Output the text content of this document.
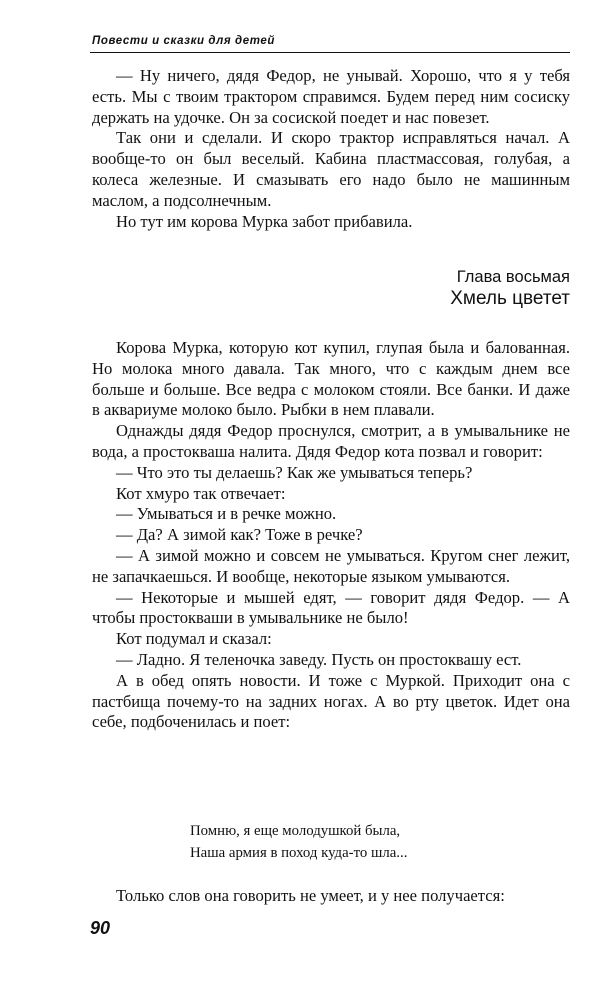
Повести и сказки для детей

— Ну ничего, дядя Федор, не унывай. Хорошо, что я у тебя есть. Мы с твоим трактором справимся. Будем перед ним сосиску держать на удочке. Он за сосиской поедет и нас повезет.

Так они и сделали. И скоро трактор исправляться начал. А вообще-то он был веселый. Кабина пластмассовая, голубая, а колеса железные. И смазывать его надо было не машинным маслом, а подсолнечным.

Но тут им корова Мурка забот прибавила.

Глава восьмая
Хмель цветет

Корова Мурка, которую кот купил, глупая была и балованная. Но молока много давала. Так много, что с каждым днем все больше и больше. Все ведра с молоком стояли. Все банки. И даже в аквариуме молоко было. Рыбки в нем плавали.

Однажды дядя Федор проснулся, смотрит, а в умывальнике не вода, а простокваша налита. Дядя Федор кота позвал и говорит:

— Что это ты делаешь? Как же умываться теперь?

Кот хмуро так отвечает:

— Умываться и в речке можно.

— Да? А зимой как? Тоже в речке?

— А зимой можно и совсем не умываться. Кругом снег лежит, не запачкаешься. И вообще, некоторые языком умываются.

— Некоторые и мышей едят, — говорит дядя Федор. — А чтобы простокваши в умывальнике не было!

Кот подумал и сказал:

— Ладно. Я теленочка заведу. Пусть он простоквашу ест.

А в обед опять новости. И тоже с Муркой. Приходит она с пастбища почему-то на задних ногах. А во рту цветок. Идет она себе, подбоченилась и поет:

Помню, я еще молодушкой была,
Наша армия в поход куда-то шла...

Только слов она говорить не умеет, и у нее получается:

90
